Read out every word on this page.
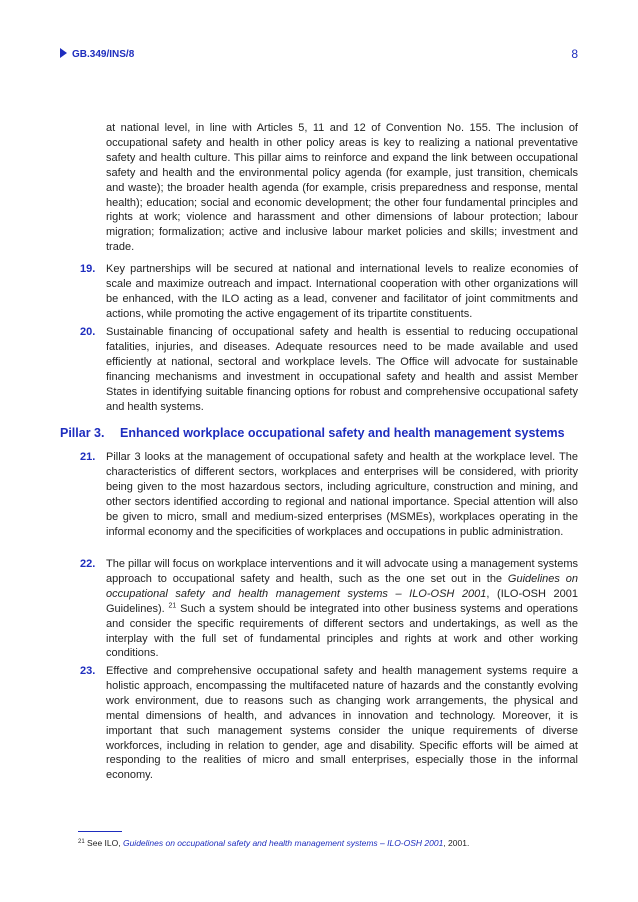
GB.349/INS/8	8

at national level, in line with Articles 5, 11 and 12 of Convention No. 155. The inclusion of occupational safety and health in other policy areas is key to realizing a national preventative safety and health culture. This pillar aims to reinforce and expand the link between occupational safety and health and the environmental policy agenda (for example, just transition, chemicals and waste); the broader health agenda (for example, crisis preparedness and response, mental health); education; social and economic development; the other four fundamental principles and rights at work; violence and harassment and other dimensions of labour protection; labour migration; formalization; active and inclusive labour market policies and skills; investment and trade.

19. Key partnerships will be secured at national and international levels to realize economies of scale and maximize outreach and impact. International cooperation with other organizations will be enhanced, with the ILO acting as a lead, convener and facilitator of joint commitments and actions, while promoting the active engagement of its tripartite constituents.

20. Sustainable financing of occupational safety and health is essential to reducing occupational fatalities, injuries, and diseases. Adequate resources need to be made available and used efficiently at national, sectoral and workplace levels. The Office will advocate for sustainable financing mechanisms and investment in occupational safety and health and assist Member States in identifying suitable financing options for robust and comprehensive occupational safety and health systems.

Pillar 3. Enhanced workplace occupational safety and health management systems
21. Pillar 3 looks at the management of occupational safety and health at the workplace level. The characteristics of different sectors, workplaces and enterprises will be considered, with priority being given to the most hazardous sectors, including agriculture, construction and mining, and other sectors identified according to regional and national importance. Special attention will also be given to micro, small and medium-sized enterprises (MSMEs), workplaces operating in the informal economy and the specificities of workplaces and occupations in public administration.

22. The pillar will focus on workplace interventions and it will advocate using a management systems approach to occupational safety and health, such as the one set out in the Guidelines on occupational safety and health management systems – ILO-OSH 2001, (ILO-OSH 2001 Guidelines). $^{21}$ Such a system should be integrated into other business systems and operations and consider the specific requirements of different sectors and undertakings, as well as the interplay with the full set of fundamental principles and rights at work and other working conditions.

23. Effective and comprehensive occupational safety and health management systems require a holistic approach, encompassing the multifaceted nature of hazards and the constantly evolving work environment, due to reasons such as changing work arrangements, the physical and mental dimensions of health, and advances in innovation and technology. Moreover, it is important that such management systems consider the unique requirements of diverse workforces, including in relation to gender, age and disability. Specific efforts will be aimed at responding to the realities of micro and small enterprises, especially those in the informal economy.

$^{21}$ See ILO, Guidelines on occupational safety and health management systems – ILO-OSH 2001, 2001.
